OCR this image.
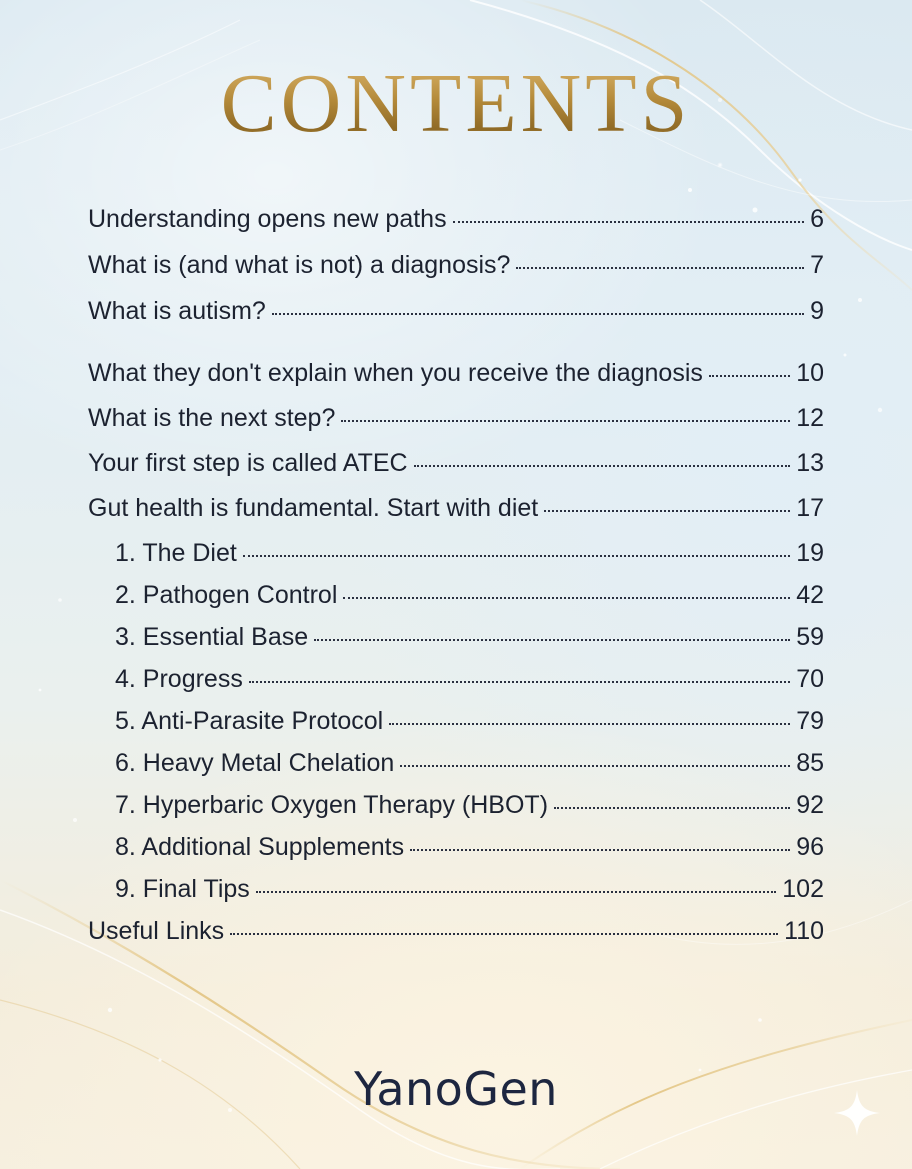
CONTENTS
Understanding opens new paths	6
What is (and what is not) a diagnosis?	7
What is autism?	9
What they don't explain when you receive the diagnosis	10
What is the next step?	12
Your first step is called ATEC	13
Gut health is fundamental. Start with diet	17
1. The Diet	19
2. Pathogen Control	42
3. Essential Base	59
4. Progress	70
5. Anti-Parasite Protocol	79
6. Heavy Metal Chelation	85
7. Hyperbaric Oxygen Therapy (HBOT)	92
8. Additional Supplements	96
9. Final Tips	102
Useful Links	110
YanoGen
